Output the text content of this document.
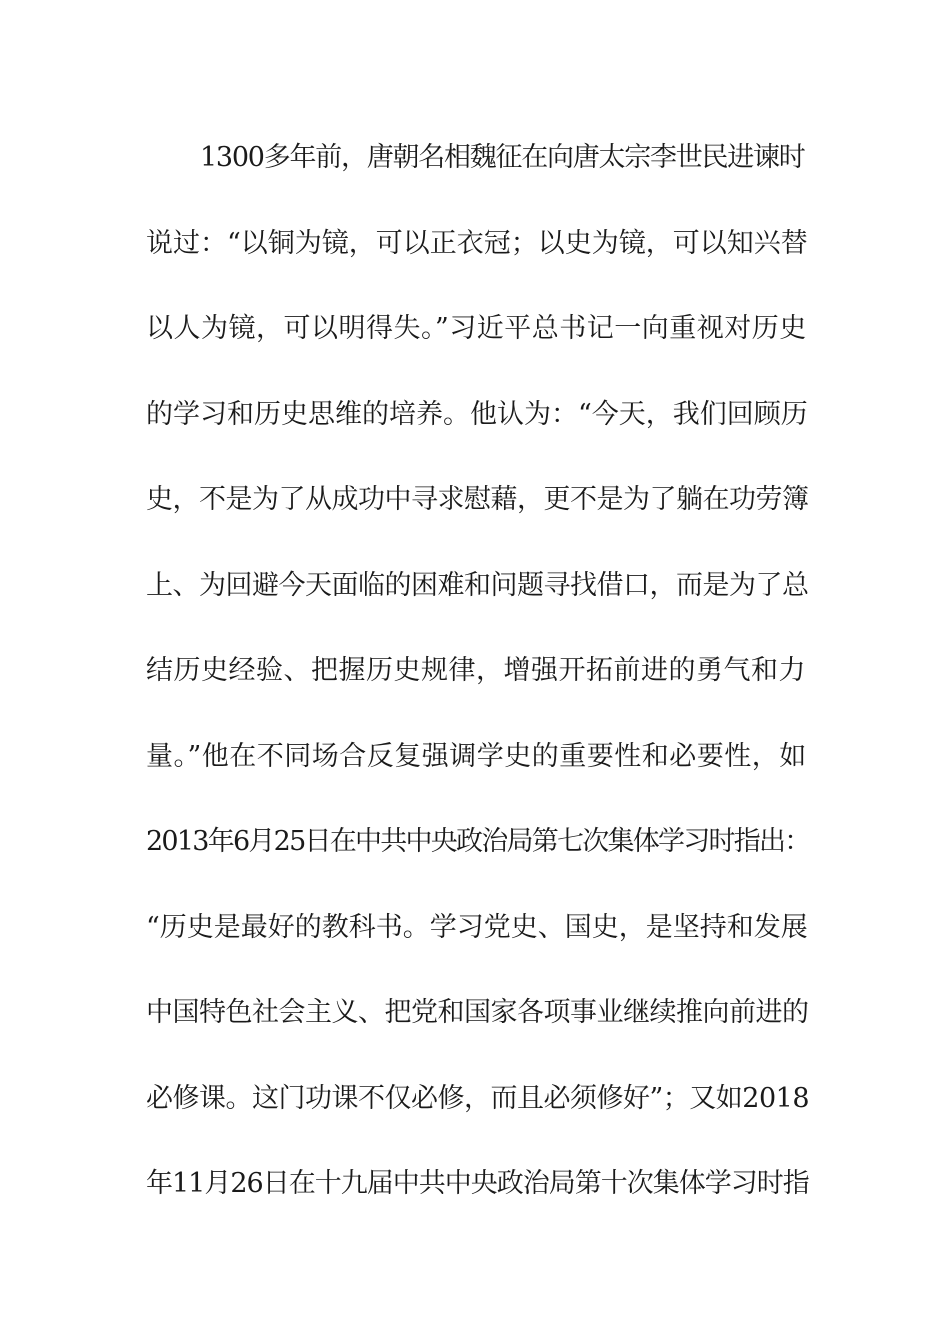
1300多年前，唐朝名相魏征在向唐太宗李世民进谏时
说过：“以铜为镜，可以正衣冠；以史为镜，可以知兴替
以人为镜，可以明得失。”习近平总书记一向重视对历史
的学习和历史思维的培养。他认为：“今天，我们回顾历
史，不是为了从成功中寻求慰藉，更不是为了躺在功劳簿
上、为回避今天面临的困难和问题寻找借口，而是为了总
结历史经验、把握历史规律，增强开拓前进的勇气和力
量。”他在不同场合反复强调学史的重要性和必要性，如
2013年6月25日在中共中央政治局第七次集体学习时指出：
“历史是最好的教科书。学习党史、国史，是坚持和发展
中国特色社会主义、把党和国家各项事业继续推向前进的
必修课。这门功课不仅必修，而且必须修好”；又如2018
年11月26日在十九届中共中央政治局第十次集体学习时指
